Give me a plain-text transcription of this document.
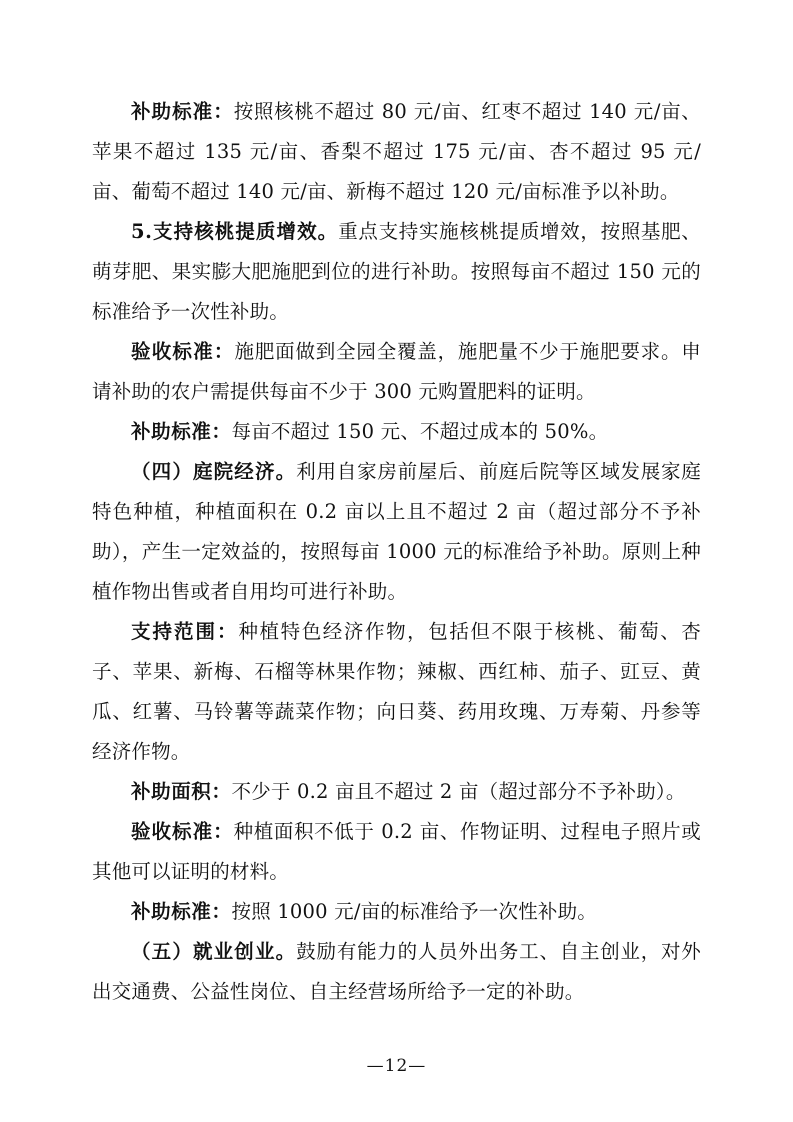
补助标准：按照核桃不超过 80 元/亩、红枣不超过 140 元/亩、苹果不超过 135 元/亩、香梨不超过 175 元/亩、杏不超过 95 元/亩、葡萄不超过 140 元/亩、新梅不超过 120 元/亩标准予以补助。

5.支持核桃提质增效。重点支持实施核桃提质增效，按照基肥、萌芽肥、果实膨大肥施肥到位的进行补助。按照每亩不超过 150 元的标准给予一次性补助。

验收标准：施肥面做到全园全覆盖，施肥量不少于施肥要求。申请补助的农户需提供每亩不少于 300 元购置肥料的证明。

补助标准：每亩不超过 150 元、不超过成本的 50%。

（四）庭院经济。利用自家房前屋后、前庭后院等区域发展家庭特色种植，种植面积在 0.2 亩以上且不超过 2 亩（超过部分不予补助），产生一定效益的，按照每亩 1000 元的标准给予补助。原则上种植作物出售或者自用均可进行补助。

支持范围：种植特色经济作物，包括但不限于核桃、葡萄、杏子、苹果、新梅、石榴等林果作物；辣椒、西红柿、茄子、豇豆、黄瓜、红薯、马铃薯等蔬菜作物；向日葵、药用玫瑰、万寿菊、丹参等经济作物。

补助面积：不少于 0.2 亩且不超过 2 亩（超过部分不予补助）。

验收标准：种植面积不低于 0.2 亩、作物证明、过程电子照片或其他可以证明的材料。

补助标准：按照 1000 元/亩的标准给予一次性补助。

（五）就业创业。鼓励有能力的人员外出务工、自主创业，对外出交通费、公益性岗位、自主经营场所给予一定的补助。

—12—
